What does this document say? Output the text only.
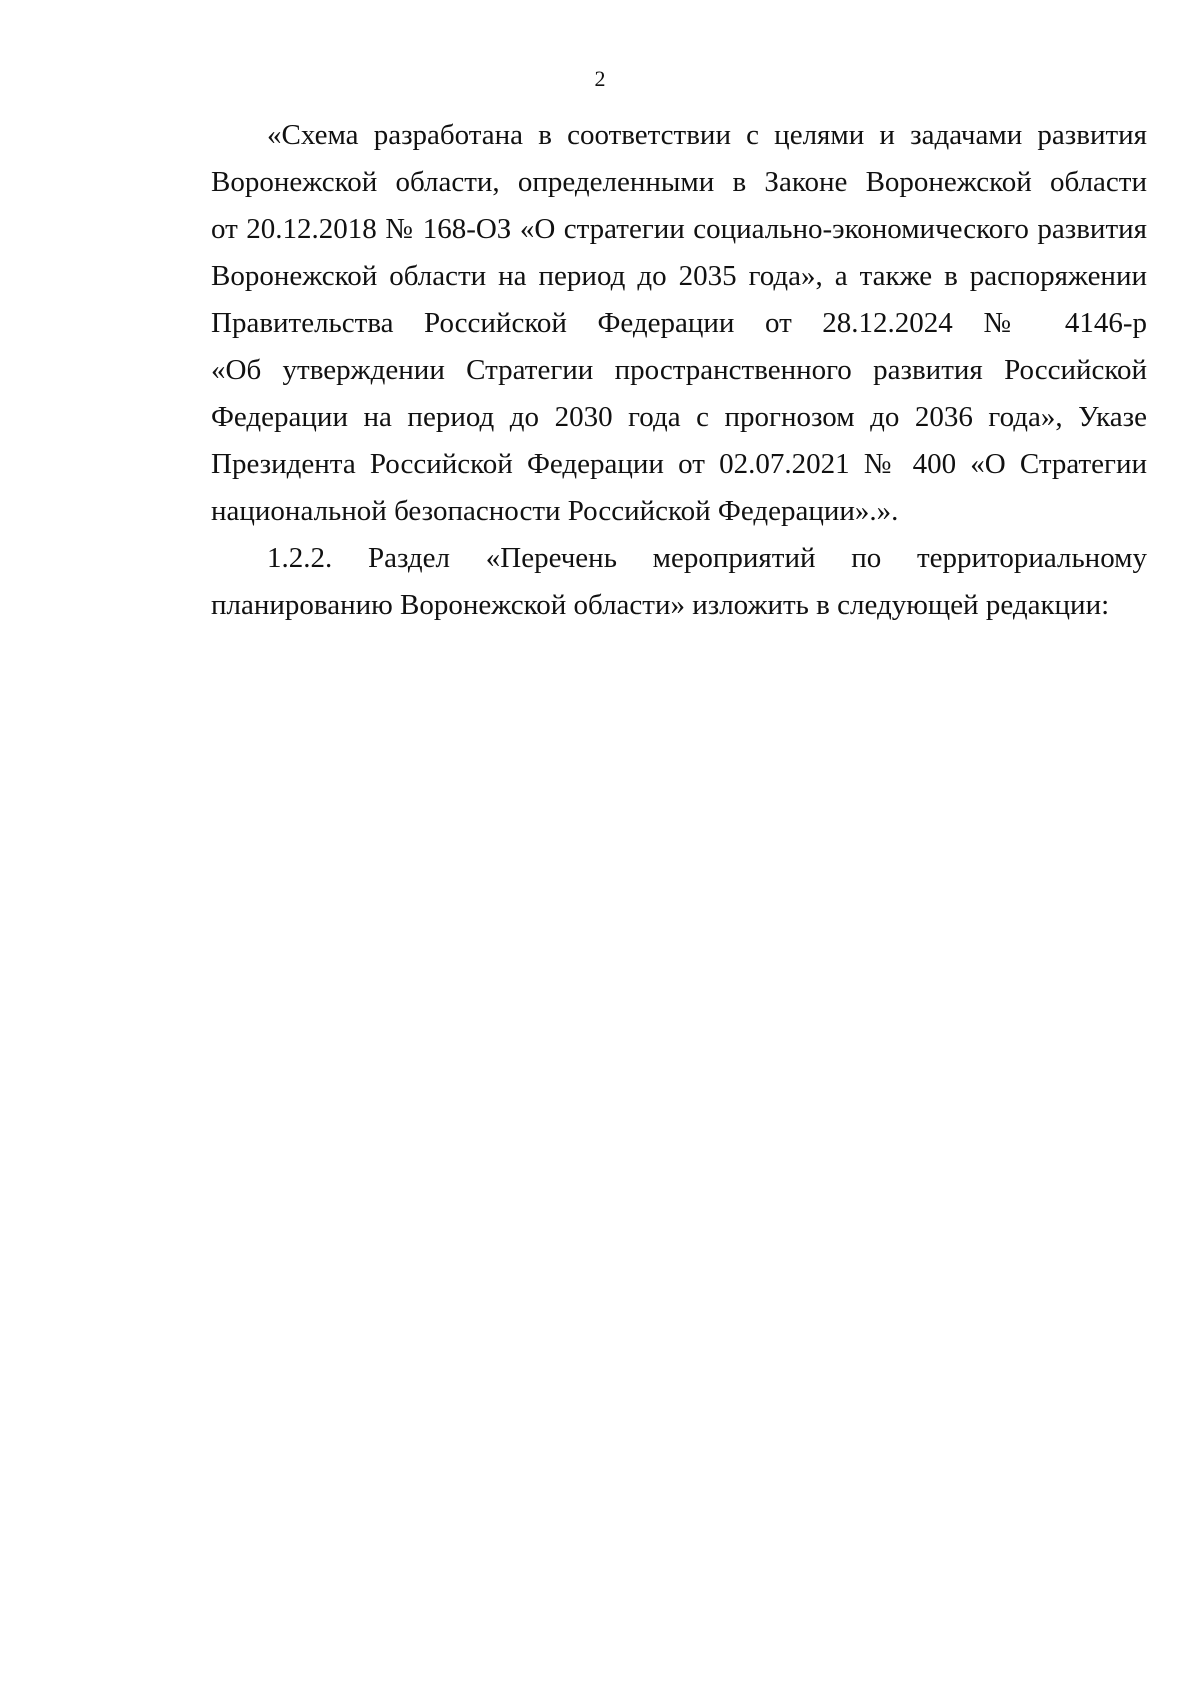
2

«Схема разработана в соответствии с целями и задачами развития
Воронежской области, определенными в Законе Воронежской области
от 20.12.2018 № 168-ОЗ «О стратегии социально-экономического развития
Воронежской области на период до 2035 года», а также в распоряжении
Правительства Российской Федерации от 28.12.2024 № 4146-р
«Об утверждении Стратегии пространственного развития Российской
Федерации на период до 2030 года с прогнозом до 2036 года», Указе
Президента Российской Федерации от 02.07.2021 № 400 «О Стратегии
национальной безопасности Российской Федерации».».

1.2.2. Раздел «Перечень мероприятий по территориальному
планированию Воронежской области» изложить в следующей редакции:
